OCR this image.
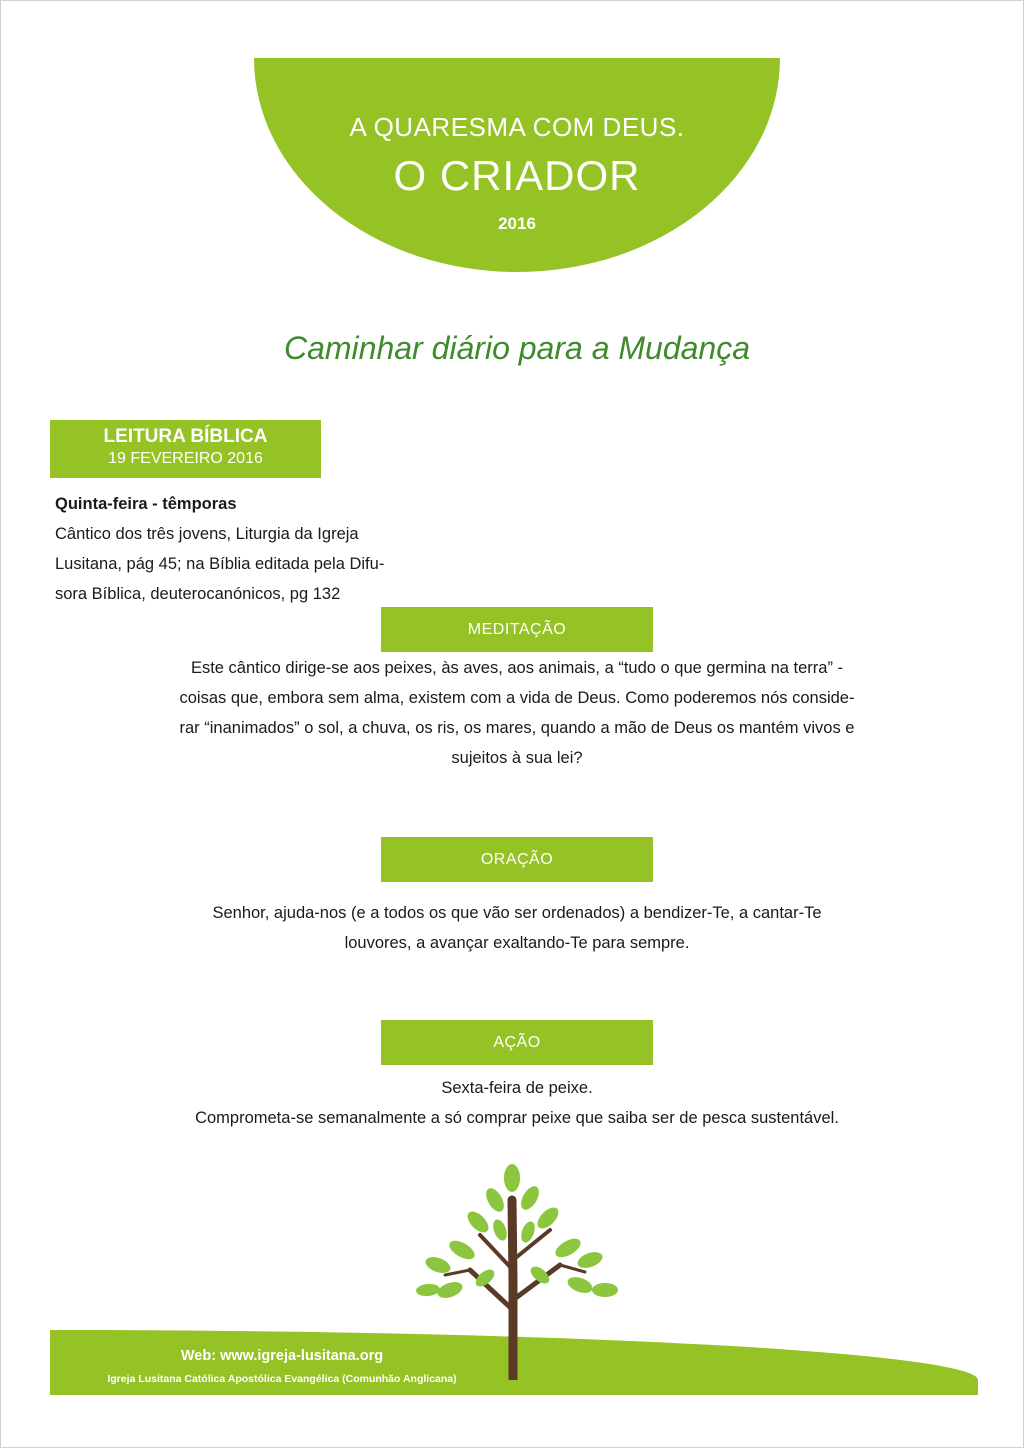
A QUARESMA COM DEUS.
O CRIADOR
2016
Caminhar diário para a Mudança
LEITURA BÍBLICA
19 FEVEREIRO 2016
Quinta-feira - têmporas
Cântico dos três jovens, Liturgia da Igreja
Lusitana, pág 45; na Bíblia editada pela Difu-
sora Bíblica, deuterocanónicos, pg 132
MEDITAÇÃO
Este cântico dirige-se aos peixes, às aves, aos animais, a “tudo o que germina na terra” -
coisas que, embora sem alma, existem com a vida de Deus. Como poderemos nós conside-
rar “inanimados” o sol, a chuva, os ris, os mares, quando a mão de Deus os mantém vivos e
sujeitos à sua lei?
ORAÇÃO
Senhor, ajuda-nos (e a todos os que vão ser ordenados) a bendizer-Te, a cantar-Te
louvores, a avançar exaltando-Te para sempre.
AÇÃO
Sexta-feira de peixe.
Comprometa-se semanalmente a só comprar peixe que saiba ser de pesca sustentável.
Web: www.igreja-lusitana.org
Igreja Lusitana Católica Apostólica Evangélica (Comunhão Anglicana)
